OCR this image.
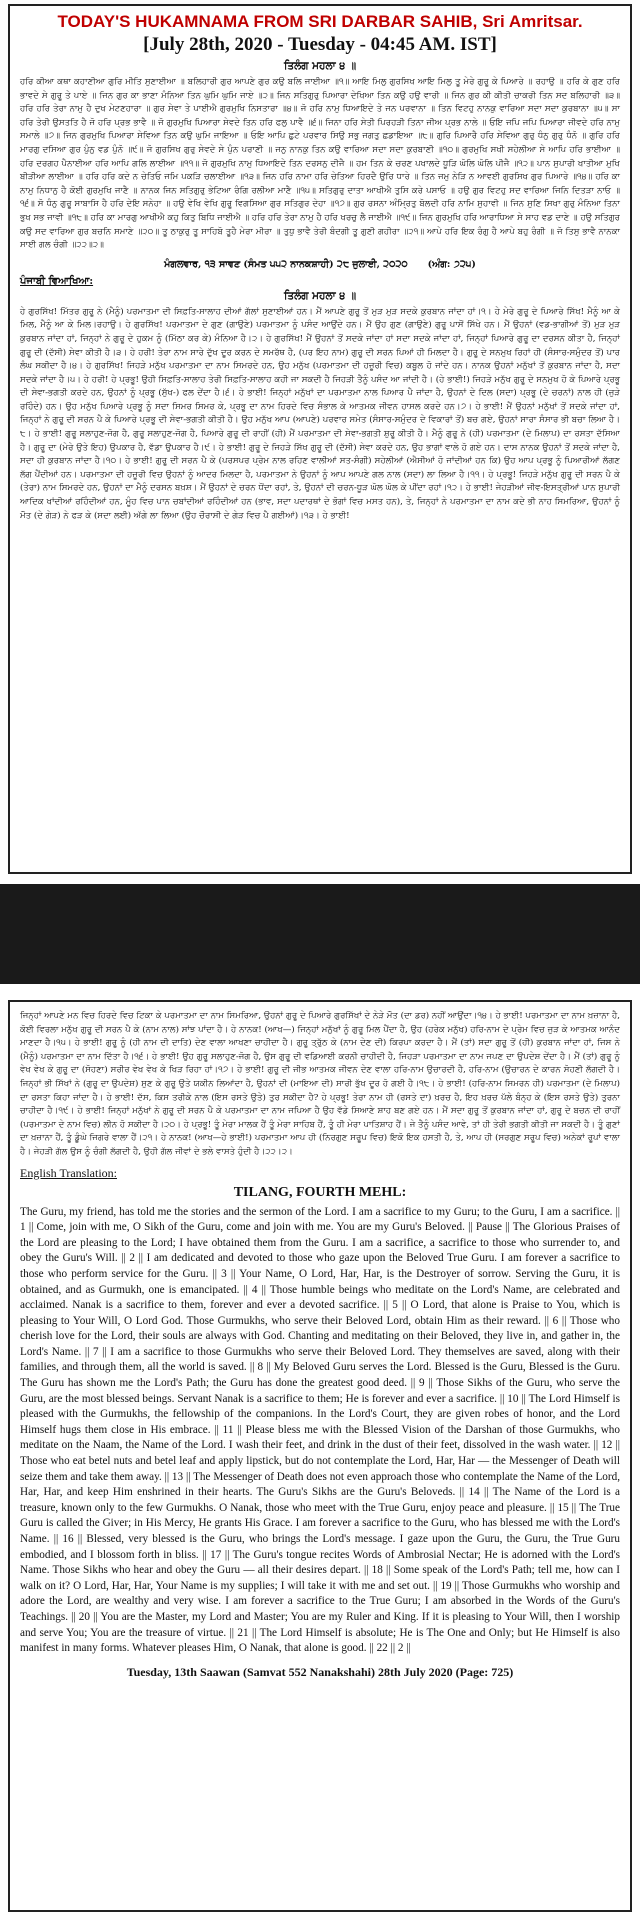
TODAY'S HUKAMNAMA FROM SRI DARBAR SAHIB, Sri Amritsar.
[July 28th, 2020 - Tuesday - 04:45 AM. IST]
ਤਿਲੰਗ ਮਹਲਾ ੪ ॥

ਹਰਿ ਕੀਆ ਕਥਾ ਕਹਾਣੀਆ ਗੁਰਿ ਮੀਤਿ ਸੁਣਾਈਆ ॥ ਬਲਿਹਾਰੀ ਗੁਰ ਆਪਣੇ ਗੁਰ ਕਉ ਬਲਿ ਜਾਈਆ ॥੧॥ ਆਇ ਮਿਲੁ ਗੁਰਸਿਖ ਆਇ ਮਿਲੁ ਤੂ ਮੇਰੇ ਗੁਰੂ ਕੇ ਪਿਆਰੇ ॥ ਰਹਾਉ ॥ ਹਰਿ ਕੇ ਗੁਣ ਹਰਿ ਭਾਵਦੇ ਸੇ ਗੁਰੂ ਤੇ ਪਾਏ ॥ ਜਿਨ ਗੁਰ ਕਾ ਭਾਣਾ ਮੰਨਿਆ ਤਿਨ ਘੁਮਿ ਘੁਮਿ ਜਾਏ ॥੨॥ ਜਿਨ ਸਤਿਗੁਰੁ ਪਿਆਰਾ ਦੇਖਿਆ ਤਿਨ ਕਉ ਹਉ ਵਾਰੀ ॥ ਜਿਨ ਗੁਰ ਕੀ ਕੀਤੀ ਚਾਕਰੀ ਤਿਨ ਸਦ ਬਲਿਹਾਰੀ ॥੩॥ ਹਰਿ ਹਰਿ ਤੇਰਾ ਨਾਮੁ ਹੈ ਦੁਖ ਮੇਟਣਹਾਰਾ ॥ ਗੁਰ ਸੇਵਾ ਤੇ ਪਾਈਐ ਗੁਰਮੁਖਿ ਨਿਸਤਾਰਾ ॥੪॥ ਜੋ ਹਰਿ ਨਾਮੁ ਧਿਆਇਦੇ ਤੇ ਜਨ ਪਰਵਾਨਾ ॥ ਤਿਨ ਵਿਟਹੁ ਨਾਨਕੁ ਵਾਰਿਆ ਸਦਾ ਸਦਾ ਕੁਰਬਾਨਾ ॥੫॥ ਸਾ ਹਰਿ ਤੇਰੀ ਉਸਤਤਿ ਹੈ ਜੋ ਹਰਿ ਪ੍ਰਭ ਭਾਵੈ ॥ ਜੋ ਗੁਰਮੁਖਿ ਪਿਆਰਾ ਸੇਵਦੇ ਤਿਨ ਹਰਿ ਫਲੁ ਪਾਵੈ ॥੬॥ ਜਿਨਾ ਹਰਿ ਸੇਤੀ ਪਿਰਹੜੀ ਤਿਨਾ ਜੀਅ ਪ੍ਰਭ ਨਾਲੇ ॥ ਓਇ ਜਪਿ ਜਪਿ ਪਿਆਰਾ ਜੀਵਦੇ ਹਰਿ ਨਾਮੁ ਸਮਾਲੇ ॥੭॥ ਜਿਨ ਗੁਰਮੁਖਿ ਪਿਆਰਾ ਸੇਵਿਆ ਤਿਨ ਕਉ ਘੁਮਿ ਜਾਇਆ ॥ ਓਇ ਆਪਿ ਛੁਟੇ ਪਰਵਾਰ ਸਿਉ ਸਭੁ ਜਗਤੁ ਛਡਾਇਆ ॥੮॥ ਗੁਰਿ ਪਿਆਰੈ ਹਰਿ ਸੇਵਿਆ ਗੁਰੁ ਧੰਨੁ ਗੁਰੁ ਧੰਨੋ ॥ ਗੁਰਿ ਹਰਿ ਮਾਰਗੁ ਦਸਿਆ ਗੁਰ ਪੁੰਨੁ ਵਡ ਪੁੰਨੋ ॥੯॥ ਜੋ ਗੁਰਸਿਖ ਗੁਰੁ ਸੇਵਦੇ ਸੇ ਪੁੰਨ ਪਰਾਣੀ ॥ ਜਨੁ ਨਾਨਕੁ ਤਿਨ ਕਉ ਵਾਰਿਆ ਸਦਾ ਸਦਾ ਕੁਰਬਾਣੀ ॥੧੦॥ ਗੁਰਮੁਖਿ ਸਖੀ ਸਹੇਲੀਆ ਸੇ ਆਪਿ ਹਰਿ ਭਾਈਆ ॥ ਹਰਿ ਦਰਗਹ ਪੈਨਾਈਆ ਹਰਿ ਆਪਿ ਗਲਿ ਲਾਈਆ ॥੧੧॥ ਜੋ ਗੁਰਮੁਖਿ ਨਾਮੁ ਧਿਆਇਦੇ ਤਿਨ ਦਰਸਨੁ ਦੀਜੈ ॥ ਹਮ ਤਿਨ ਕੇ ਚਰਣ ਪਖਾਲਦੇ ਧੂੜਿ ਘੋਲਿ ਘੋਲਿ ਪੀਜੈ ॥੧੨॥ ਪਾਨ ਸੁਪਾਰੀ ਖਾਤੀਆ ਮੁਖਿ ਬੀੜੀਆ ਲਾਈਆ ॥ ਹਰਿ ਹਰਿ ਕਦੇ ਨ ਚੇਤਿਓ ਜਮਿ ਪਕੜਿ ਚਲਾਈਆ ॥੧੩॥ ਜਿਨ ਹਰਿ ਨਾਮਾ ਹਰਿ ਚੇਤਿਆ ਹਿਰਦੈ ਉਰਿ ਧਾਰੇ ॥ ਤਿਨ ਜਮੁ ਨੇੜਿ ਨ ਆਵਈ ਗੁਰਸਿਖ ਗੁਰ ਪਿਆਰੇ ॥੧੪॥ ਹਰਿ ਕਾ ਨਾਮੁ ਨਿਧਾਨੁ ਹੈ ਕੋਈ ਗੁਰਮੁਖਿ ਜਾਣੈ ॥ ਨਾਨਕ ਜਿਨ ਸਤਿਗੁਰੁ ਭੇਟਿਆ ਰੰਗਿ ਰਲੀਆ ਮਾਣੈ ॥੧੫॥ ਸਤਿਗੁਰੁ ਦਾਤਾ ਆਖੀਐ ਤੁਸਿ ਕਰੇ ਪਸਾਓ ॥ ਹਉ ਗੁਰ ਵਿਟਹੁ ਸਦ ਵਾਰਿਆ ਜਿਨਿ ਦਿਤੜਾ ਨਾਓ ॥੧੬॥ ਸੋ ਧੰਨੁ ਗੁਰੂ ਸਾਬਾਸਿ ਹੈ ਹਰਿ ਦੇਇ ਸਨੇਹਾ ॥ ਹਉ ਵੇਖਿ ਵੇਖਿ ਗੁਰੂ ਵਿਗਸਿਆ ਗੁਰ ਸਤਿਗੁਰ ਦੇਹਾ ॥੧੭॥ ਗੁਰ ਰਸਨਾ ਅੰਮ੍ਰਿਤੁ ਬੋਲਦੀ ਹਰਿ ਨਾਮਿ ਸੁਹਾਵੀ ॥ ਜਿਨ ਸੁਣਿ ਸਿਖਾ ਗੁਰੁ ਮੰਨਿਆ ਤਿਨਾ ਭੁਖ ਸਭ ਜਾਵੀ ॥੧੮॥ ਹਰਿ ਕਾ ਮਾਰਗੁ ਆਖੀਐ ਕਹੁ ਕਿਤੁ ਬਿਧਿ ਜਾਈਐ ॥ ਹਰਿ ਹਰਿ ਤੇਰਾ ਨਾਮੁ ਹੈ ਹਰਿ ਖਰਚੁ ਲੈ ਜਾਈਐ ॥੧੯॥ ਜਿਨ ਗੁਰਮੁਖਿ ਹਰਿ ਆਰਾਧਿਆ ਸੇ ਸਾਹ ਵਡ ਦਾਣੇ ॥ ਹਉ ਸਤਿਗੁਰ ਕਉ ਸਦ ਵਾਰਿਆ ਗੁਰ ਬਚਨਿ ਸਮਾਣੇ ॥੨੦॥ ਤੂ ਠਾਕੁਰੁ ਤੂ ਸਾਹਿਬੋ ਤੂਹੈ ਮੇਰਾ ਮੀਰਾ ॥ ਤੁਧੁ ਭਾਵੈ ਤੇਰੀ ਬੰਦਗੀ ਤੂ ਗੁਣੀ ਗਹੀਰਾ ॥੨੧॥ ਆਪੇ ਹਰਿ ਇਕ ਰੰਗੁ ਹੈ ਆਪੇ ਬਹੁ ਰੰਗੀ ॥ ਜੋ ਤਿਸੁ ਭਾਵੈ ਨਾਨਕਾ ਸਾਈ ਗਲ ਚੰਗੀ ॥੨੨॥੨॥

ਮੰਗਲਵਾਰ, ੧੩ ਸਾਵਣ (ਸੰਮਤ ੫੫੨ ਨਾਨਕਸ਼ਾਹੀ) ੨੮ ਜੁਲਾਈ, ੨੦੨੦ (ਅੰਗ: ੭੨੫)
ਪੰਜਾਬੀ ਵਿਆਖਿਆ:
ਤਿਲੰਗ ਮਹਲਾ ੪ ॥

ਹੇ ਗੁਰਸਿੱਖ! ਮਿੱਤਰ ਗੁਰੂ ਨੇ (ਮੈਨੂੰ) ਪਰਮਾਤਮਾ ਦੀ ਸਿਫ਼ਤਿ-ਸਾਲਾਹ ਦੀਆਂ ਗੱਲਾਂ ਸੁਣਾਈਆਂ ਹਨ। ਮੈਂ ਆਪਣੇ ਗੁਰੂ ਤੋਂ ਮੁੜ ਮੁੜ ਸਦਕੇ ਕੁਰਬਾਨ ਜਾਂਦਾ ਹਾਂ।੧। ਹੇ ਮੇਰੇ ਗੁਰੂ ਦੇ ਪਿਆਰੇ ਸਿੱਖ! ਮੈਨੂੰ ਆ ਕੇ ਮਿਲ, ਮੈਨੂੰ ਆ ਕੇ ਮਿਲ।ਰਹਾਉ। ਹੇ ਗੁਰਸਿੱਖ! ਪਰਮਾਤਮਾ ਦੇ ਗੁਣ (ਗਾਉਣੇ) ਪਰਮਾਤਮਾ ਨੂੰ ਪਸੰਦ ਆਉਂਦੇ ਹਨ। ਮੈਂ ਉਹ ਗੁਣ (ਗਾਉਣੇ) ਗੁਰੂ ਪਾਸੋਂ ਸਿੱਖੇ ਹਨ। ਮੈਂ ਉਹਨਾਂ (ਵਡ-ਭਾਗੀਆਂ ਤੋਂ) ਮੁੜ ਮੁੜ ਕੁਰਬਾਨ ਜਾਂਦਾ ਹਾਂ, ਜਿਨ੍ਹਾਂ ਨੇ ਗੁਰੂ ਦੇ ਹੁਕਮ ਨੂੰ (ਮਿੱਠਾ ਕਰ ਕੇ) ਮੰਨਿਆ ਹੈ।੨। ਹੇ ਗੁਰਸਿੱਖ! ਮੈਂ ਉਹਨਾਂ ਤੋਂ ਸਦਕੇ ਜਾਂਦਾ ਹਾਂ ਸਦਾ ਸਦਕੇ ਜਾਂਦਾ ਹਾਂ, ਜਿਨ੍ਹਾਂ ਪਿਆਰੇ ਗੁਰੂ ਦਾ ਦਰਸਨ ਕੀਤਾ ਹੈ, ਜਿਨ੍ਹਾਂ ਗੁਰੂ ਦੀ (ਦੱਸੀ) ਸੇਵਾ ਕੀਤੀ ਹੈ।੩। ਹੇ ਹਰੀ! ਤੇਰਾ ਨਾਮ ਸਾਰੇ ਦੁੱਖ ਦੂਰ ਕਰਨ ਦੇ ਸਮਰੱਥ ਹੈ, (ਪਰ ਇਹ ਨਾਮ) ਗੁਰੂ ਦੀ ਸਰਨ ਪਿਆਂ ਹੀ ਮਿਲਦਾ ਹੈ। ਗੁਰੂ ਦੇ ਸਨਮੁਖ ਰਿਹਾਂ ਹੀ (ਸੰਸਾਰ-ਸਮੁੰਦਰ ਤੋਂ) ਪਾਰ ਲੰਘ ਸਕੀਦਾ ਹੈ।੪। ਹੇ ਗੁਰਸਿੱਖ! ਜਿਹੜੇ ਮਨੁੱਖ ਪਰਮਾਤਮਾ ਦਾ ਨਾਮ ਸਿਮਰਦੇ ਹਨ, ਉਹ ਮਨੁੱਖ (ਪਰਮਾਤਮਾ ਦੀ ਹਜ਼ੂਰੀ ਵਿਚ) ਕਬੂਲ ਹੋ ਜਾਂਦੇ ਹਨ। ਨਾਨਕ ਉਹਨਾਂ ਮਨੁੱਖਾਂ ਤੋਂ ਕੁਰਬਾਨ ਜਾਂਦਾ ਹੈ, ਸਦਾ ਸਦਕੇ ਜਾਂਦਾ ਹੈ।੫। ਹੇ ਹਰੀ! ਹੇ ਪ੍ਰਭੂ! ਉਹੀ ਸਿਫ਼ਤਿ-ਸਾਲਾਹ ਤੇਰੀ ਸਿਫ਼ਤਿ-ਸਾਲਾਹ ਕਹੀ ਜਾ ਸਕਦੀ ਹੈ ਜਿਹੜੀ ਤੈਨੂੰ ਪਸੰਦ ਆ ਜਾਂਦੀ ਹੈ। (ਹੇ ਭਾਈ!) ਜਿਹੜੇ ਮਨੁੱਖ ਗੁਰੂ ਦੇ ਸਨਮੁਖ ਹੋ ਕੇ ਪਿਆਰੇ ਪ੍ਰਭੂ ਦੀ ਸੇਵਾ-ਭਗਤੀ ਕਰਦੇ ਹਨ, ਉਹਨਾਂ ਨੂੰ ਪ੍ਰਭੂ (ਸੁੱਖ-) ਫਲ ਦੇਂਦਾ ਹੈ।੬। ਹੇ ਭਾਈ! ਜਿਨ੍ਹਾਂ ਮਨੁੱਖਾਂ ਦਾ ਪਰਮਾਤਮਾ ਨਾਲ ਪਿਆਰ ਪੈ ਜਾਂਦਾ ਹੈ, ਉਹਨਾਂ ਦੇ ਦਿਲ (ਸਦਾ) ਪ੍ਰਭੂ (ਦੇ ਚਰਨਾਂ) ਨਾਲ ਹੀ (ਜੁੜੇ ਰਹਿੰਦੇ) ਹਨ। ਉਹ ਮਨੁੱਖ ਪਿਆਰੇ ਪ੍ਰਭੂ ਨੂੰ ਸਦਾ ਸਿਮਰ ਸਿਮਰ ਕੇ, ਪ੍ਰਭੂ ਦਾ ਨਾਮ ਹਿਰਦੇ ਵਿਚ ਸੰਭਾਲ ਕੇ ਆਤਮਕ ਜੀਵਨ ਹਾਸਲ ਕਰਦੇ ਹਨ।੭। ਹੇ ਭਾਈ! ਮੈਂ ਉਹਨਾਂ ਮਨੁੱਖਾਂ ਤੋਂ ਸਦਕੇ ਜਾਂਦਾ ਹਾਂ, ਜਿਨ੍ਹਾਂ ਨੇ ਗੁਰੂ ਦੀ ਸਰਨ ਪੈ ਕੇ ਪਿਆਰੇ ਪ੍ਰਭੂ ਦੀ ਸੇਵਾ-ਭਗਤੀ ਕੀਤੀ ਹੈ। ਉਹ ਮਨੁੱਖ ਆਪ (ਆਪਣੇ) ਪਰਵਾਰ ਸਮੇਤ (ਸੰਸਾਰ-ਸਮੁੰਦਰ ਦੇ ਵਿਕਾਰਾਂ ਤੋਂ) ਬਚ ਗਏ, ਉਹਨਾਂ ਸਾਰਾ ਸੰਸਾਰ ਭੀ ਬਚਾ ਲਿਆ ਹੈ।੮। ਹੇ ਭਾਈ! ਗੁਰੂ ਸਲਾਹੁਣ-ਜੋਗ ਹੈ, ਗੁਰੂ ਸਲਾਹੁਣ-ਜੋਗ ਹੈ, ਪਿਆਰੇ ਗੁਰੂ ਦੀ ਰਾਹੀਂ (ਹੀ) ਮੈਂ ਪਰਮਾਤਮਾ ਦੀ ਸੇਵਾ-ਭਗਤੀ ਸ਼ੁਰੂ ਕੀਤੀ ਹੈ। ਮੈਨੂੰ ਗੁਰੂ ਨੇ (ਹੀ) ਪਰਮਾਤਮਾ (ਦੇ ਮਿਲਾਪ) ਦਾ ਰਸਤਾ ਦੱਸਿਆ ਹੈ। ਗੁਰੂ ਦਾ (ਮੇਰੇ ਉਤੇ ਇਹ) ਉਪਕਾਰ ਹੈ, ਵੱਡਾ ਉਪਕਾਰ ਹੈ।੯। ਹੇ ਭਾਈ! ਗੁਰੂ ਦੇ ਜਿਹੜੇ ਸਿੱਖ ਗੁਰੂ ਦੀ (ਦੱਸੀ) ਸੇਵਾ ਕਰਦੇ ਹਨ, ਉਹ ਭਾਗਾਂ ਵਾਲੇ ਹੋ ਗਏ ਹਨ। ਦਾਸ ਨਾਨਕ ਉਹਨਾਂ ਤੋਂ ਸਦਕੇ ਜਾਂਦਾ ਹੈ, ਸਦਾ ਹੀ ਕੁਰਬਾਨ ਜਾਂਦਾ ਹੈ।੧੦। ਹੇ ਭਾਈ! ਗੁਰੂ ਦੀ ਸਰਨ ਪੈ ਕੇ (ਪਰਸਪਰ ਪ੍ਰੇਮ ਨਾਲ ਰਹਿਣ ਵਾਲੀਆਂ ਸਤ-ਸੰਗੀ) ਸਹੇਲੀਆਂ (ਐਸੀਆਂ ਹੋ ਜਾਂਦੀਆਂ ਹਨ ਕਿ) ਉਹ ਆਪ ਪ੍ਰਭੂ ਨੂੰ ਪਿਆਰੀਆਂ ਲੱਗਣ ਲੱਗ ਪੈਂਦੀਆਂ ਹਨ। ਪਰਮਾਤਮਾ ਦੀ ਹਜ਼ੂਰੀ ਵਿਚ ਉਹਨਾਂ ਨੂੰ ਆਦਰ ਮਿਲਦਾ ਹੈ, ਪਰਮਾਤਮਾ ਨੇ ਉਹਨਾਂ ਨੂੰ ਆਪ ਆਪਣੇ ਗਲ ਨਾਲ (ਸਦਾ) ਲਾ ਲਿਆ ਹੈ।੧੧। ਹੇ ਪ੍ਰਭੂ! ਜਿਹੜੇ ਮਨੁੱਖ ਗੁਰੂ ਦੀ ਸਰਨ ਪੈ ਕੇ (ਤੇਰਾ) ਨਾਮ ਸਿਮਰਦੇ ਹਨ, ਉਹਨਾਂ ਦਾ ਮੈਨੂੰ ਦਰਸਨ ਬਖ਼ਸ਼। ਮੈਂ ਉਹਨਾਂ ਦੇ ਚਰਨ ਧੋਂਦਾ ਰਹਾਂ, ਤੇ, ਉਹਨਾਂ ਦੀ ਚਰਨ-ਧੂੜ ਘੋਲ ਘੋਲ ਕੇ ਪੀਂਦਾ ਰਹਾਂ।੧੨। ਹੇ ਭਾਈ! ਜੇਹੜੀਆਂ ਜੀਵ-ਇਸਤ੍ਰੀਆਂ ਪਾਨ ਸੁਪਾਰੀ ਆਦਿਕ ਖਾਂਦੀਆਂ ਰਹਿੰਦੀਆਂ ਹਨ, ਮੂੰਹ ਵਿਚ ਪਾਨ ਚਬਾਂਦੀਆਂ ਰਹਿੰਦੀਆਂ ਹਨ (ਭਾਵ, ਸਦਾ ਪਦਾਰਥਾਂ ਦੇ ਭੋਗਾਂ ਵਿਚ ਮਸਤ ਹਨ), ਤੇ, ਜਿਨ੍ਹਾਂ ਨੇ ਪਰਮਾਤਮਾ ਦਾ ਨਾਮ ਕਦੇ ਭੀ ਨਾਹ ਸਿਮਰਿਆ, ਉਹਨਾਂ ਨੂੰ ਮੌਤ (ਦੇ ਗੇੜ) ਨੇ ਫੜ ਕੇ (ਸਦਾ ਲਈ) ਅੱਗੇ ਲਾ ਲਿਆ (ਉਹ ਚੌਰਾਸੀ ਦੇ ਗੇੜ ਵਿਚ ਪੈ ਗਈਆਂ)।੧੩। ਹੇ ਭਾਈ!

ਜਿਨ੍ਹਾਂ ਆਪਣੇ ਮਨ ਵਿਚ ਹਿਰਦੇ ਵਿਚ ਟਿਕਾ ਕੇ ਪਰਮਾਤਮਾ ਦਾ ਨਾਮ ਸਿਮਰਿਆ, ਉਹਨਾਂ ਗੁਰੂ ਦੇ ਪਿਆਰੇ ਗੁਰਸਿੱਖਾਂ ਦੇ ਨੇੜੇ ਮੌਤ (ਦਾ ਡਰ) ਨਹੀਂ ਆਉਂਦਾ।੧੪। ਹੇ ਭਾਈ! ਪਰਮਾਤਮਾ ਦਾ ਨਾਮ ਖ਼ਜ਼ਾਨਾ ਹੈ, ਕੋਈ ਵਿਰਲਾ ਮਨੁੱਖ ਗੁਰੂ ਦੀ ਸਰਨ ਪੈ ਕੇ (ਨਾਮ ਨਾਲ) ਸਾਂਝ ਪਾਂਦਾ ਹੈ। ਹੇ ਨਾਨਕ! (ਆਖ—) ਜਿਨ੍ਹਾਂ ਮਨੁੱਖਾਂ ਨੂੰ ਗੁਰੂ ਮਿਲ ਪੈਂਦਾ ਹੈ, ਉਹ (ਹਰੇਕ ਮਨੁੱਖ) ਹਰਿ-ਨਾਮ ਦੇ ਪ੍ਰੇਮ ਵਿਚ ਜੁੜ ਕੇ ਆਤਮਕ ਆਨੰਦ ਮਾਣਦਾ ਹੈ।੧੫। ਹੇ ਭਾਈ! ਗੁਰੂ ਨੂੰ (ਹੀ ਨਾਮ ਦੀ ਦਾਤਿ) ਦੇਣ ਵਾਲਾ ਆਖਣਾ ਚਾਹੀਦਾ ਹੈ। ਗੁਰੂ ਤ੍ਰੁੱਠ ਕੇ (ਨਾਮ ਦੇਣ ਦੀ) ਕਿਰਪਾ ਕਰਦਾ ਹੈ। ਮੈਂ (ਤਾਂ) ਸਦਾ ਗੁਰੂ ਤੋਂ (ਹੀ) ਕੁਰਬਾਨ ਜਾਂਦਾ ਹਾਂ, ਜਿਸ ਨੇ (ਮੈਨੂੰ) ਪਰਮਾਤਮਾ ਦਾ ਨਾਮ ਦਿੱਤਾ ਹੈ।੧੬। ਹੇ ਭਾਈ! ਉਹ ਗੁਰੂ ਸਲਾਹੁਣ-ਜੋਗ ਹੈ, ਉਸ ਗੁਰੂ ਦੀ ਵਡਿਆਈ ਕਰਨੀ ਚਾਹੀਦੀ ਹੈ, ਜਿਹੜਾ ਪਰਮਾਤਮਾ ਦਾ ਨਾਮ ਜਪਣ ਦਾ ਉਪਦੇਸ਼ ਦੇਂਦਾ ਹੈ। ਮੈਂ (ਤਾਂ) ਗੁਰੂ ਨੂੰ ਵੇਖ ਵੇਖ ਕੇ ਗੁਰੂ ਦਾ (ਸੋਹਣਾ) ਸਰੀਰ ਵੇਖ ਵੇਖ ਕੇ ਖਿੜ ਰਿਹਾ ਹਾਂ।੧੭। ਹੇ ਭਾਈ! ਗੁਰੂ ਦੀ ਜੀਭ ਆਤਮਕ ਜੀਵਨ ਦੇਣ ਵਾਲਾ ਹਰਿ-ਨਾਮ ਉਚਾਰਦੀ ਹੈ, ਹਰਿ-ਨਾਮ (ਉਚਾਰਨ ਦੇ ਕਾਰਨ ਸੋਹਣੀ ਲੱਗਦੀ ਹੈ। ਜਿਨ੍ਹਾਂ ਭੀ ਸਿੱਖਾਂ ਨੇ (ਗੁਰੂ ਦਾ ਉਪਦੇਸ਼) ਸੁਣ ਕੇ ਗੁਰੂ ਉਤੇ ਯਕੀਨ ਲਿਆਂਦਾ ਹੈ, ਉਹਨਾਂ ਦੀ (ਮਾਇਆ ਦੀ) ਸਾਰੀ ਭੁੱਖ ਦੂਰ ਹੋ ਗਈ ਹੈ।੧੮। ਹੇ ਭਾਈ! (ਹਰਿ-ਨਾਮ ਸਿਮਰਨ ਹੀ) ਪਰਮਾਤਮਾ (ਦੇ ਮਿਲਾਪ) ਦਾ ਰਸਤਾ ਕਿਹਾ ਜਾਂਦਾ ਹੈ। ਹੇ ਭਾਈ! ਦੱਸ, ਕਿਸ ਤਰੀਕੇ ਨਾਲ (ਇਸ ਰਸਤੇ ਉਤੇ) ਤੁਰ ਸਕੀਦਾ ਹੈ? ਹੇ ਪ੍ਰਭੂ! ਤੇਰਾ ਨਾਮ ਹੀ (ਰਸਤੇ ਦਾ) ਖ਼ਰਚ ਹੈ, ਇਹ ਖ਼ਰਚ ਪੱਲੇ ਬੰਨ੍ਹ ਕੇ (ਇਸ ਰਸਤੇ ਉਤੇ) ਤੁਰਨਾ ਚਾਹੀਦਾ ਹੈ।੧੯। ਹੇ ਭਾਈ! ਜਿਨ੍ਹਾਂ ਮਨੁੱਖਾਂ ਨੇ ਗੁਰੂ ਦੀ ਸਰਨ ਪੈ ਕੇ ਪਰਮਾਤਮਾ ਦਾ ਨਾਮ ਜਪਿਆ ਹੈ ਉਹ ਵੱਡੇ ਸਿਆਣੇ ਸ਼ਾਹ ਬਣ ਗਏ ਹਨ। ਮੈਂ ਸਦਾ ਗੁਰੂ ਤੋਂ ਕੁਰਬਾਨ ਜਾਂਦਾ ਹਾਂ, ਗੁਰੂ ਦੇ ਬਚਨ ਦੀ ਰਾਹੀਂ (ਪਰਮਾਤਮਾ ਦੇ ਨਾਮ ਵਿਚ) ਲੀਨ ਹੋ ਸਕੀਦਾ ਹੈ।੨੦। ਹੇ ਪ੍ਰਭੂ! ਤੂੰ ਮੇਰਾ ਮਾਲਕ ਹੈਂ ਤੂੰ ਮੇਰਾ ਸਾਹਿਬ ਹੈਂ, ਤੂੰ ਹੀ ਮੇਰਾ ਪਾਤਿਸ਼ਾਹ ਹੈਂ। ਜੇ ਤੈਨੂੰ ਪਸੰਦ ਆਵੇ, ਤਾਂ ਹੀ ਤੇਰੀ ਭਗਤੀ ਕੀਤੀ ਜਾ ਸਕਦੀ ਹੈ। ਤੂੰ ਗੁਣਾਂ ਦਾ ਖ਼ਜ਼ਾਨਾ ਹੈਂ, ਤੂੰ ਡੂੰਘੇ ਜਿਗਰੇ ਵਾਲਾ ਹੈਂ।੨੧। ਹੇ ਨਾਨਕ! (ਆਖ—ਹੇ ਭਾਈ!) ਪਰਮਾਤਮਾ ਆਪ ਹੀ (ਨਿਰਗੁਣ ਸਰੂਪ ਵਿਚ) ਇਕੋ ਇਕ ਹਸਤੀ ਹੈ, ਤੇ, ਆਪ ਹੀ (ਸਰਗੁਣ ਸਰੂਪ ਵਿਚ) ਅਨੇਕਾਂ ਰੂਪਾਂ ਵਾਲਾ ਹੈ। ਜੇਹੜੀ ਗੱਲ ਉਸ ਨੂੰ ਚੰਗੀ ਲੱਗਦੀ ਹੈ, ਉਹੀ ਗੱਲ ਜੀਵਾਂ ਦੇ ਭਲੇ ਵਾਸਤੇ ਹੁੰਦੀ ਹੈ।੨੨।੨।

English Translation:
TILANG, FOURTH MEHL:

The Guru, my friend, has told me the stories and the sermon of the Lord. I am a sacrifice to my Guru; to the Guru, I am a sacrifice. || 1 || Come, join with me, O Sikh of the Guru, come and join with me. You are my Guru's Beloved. || Pause || The Glorious Praises of the Lord are pleasing to the Lord; I have obtained them from the Guru. I am a sacrifice, a sacrifice to those who surrender to, and obey the Guru's Will. || 2 || I am dedicated and devoted to those who gaze upon the Beloved True Guru. I am forever a sacrifice to those who perform service for the Guru. || 3 || Your Name, O Lord, Har, Har, is the Destroyer of sorrow. Serving the Guru, it is obtained, and as Gurmukh, one is emancipated. || 4 || Those humble beings who meditate on the Lord's Name, are celebrated and acclaimed. Nanak is a sacrifice to them, forever and ever a devoted sacrifice. || 5 || O Lord, that alone is Praise to You, which is pleasing to Your Will, O Lord God. Those Gurmukhs, who serve their Beloved Lord, obtain Him as their reward. || 6 || Those who cherish love for the Lord, their souls are always with God. Chanting and meditating on their Beloved, they live in, and gather in, the Lord's Name. || 7 || I am a sacrifice to those Gurmukhs who serve their Beloved Lord. They themselves are saved, along with their families, and through them, all the world is saved. || 8 || My Beloved Guru serves the Lord. Blessed is the Guru, Blessed is the Guru. The Guru has shown me the Lord's Path; the Guru has done the greatest good deed. || 9 || Those Sikhs of the Guru, who serve the Guru, are the most blessed beings. Servant Nanak is a sacrifice to them; He is forever and ever a sacrifice. || 10 || The Lord Himself is pleased with the Gurmukhs, the fellowship of the companions. In the Lord's Court, they are given robes of honor, and the Lord Himself hugs them close in His embrace. || 11 || Please bless me with the Blessed Vision of the Darshan of those Gurmukhs, who meditate on the Naam, the Name of the Lord. I wash their feet, and drink in the dust of their feet, dissolved in the wash water. || 12 || Those who eat betel nuts and betel leaf and apply lipstick, but do not contemplate the Lord, Har, Har — the Messenger of Death will seize them and take them away. || 13 || The Messenger of Death does not even approach those who contemplate the Name of the Lord, Har, Har, and keep Him enshrined in their hearts. The Guru's Sikhs are the Guru's Beloveds. || 14 || The Name of the Lord is a treasure, known only to the few Gurmukhs. O Nanak, those who meet with the True Guru, enjoy peace and pleasure. || 15 || The True Guru is called the Giver; in His Mercy, He grants His Grace. I am forever a sacrifice to the Guru, who has blessed me with the Lord's Name. || 16 || Blessed, very blessed is the Guru, who brings the Lord's message. I gaze upon the Guru, the Guru, the True Guru embodied, and I blossom forth in bliss. || 17 || The Guru's tongue recites Words of Ambrosial Nectar; He is adorned with the Lord's Name. Those Sikhs who hear and obey the Guru — all their desires depart. || 18 || Some speak of the Lord's Path; tell me, how can I walk on it? O Lord, Har, Har, Your Name is my supplies; I will take it with me and set out. || 19 || Those Gurmukhs who worship and adore the Lord, are wealthy and very wise. I am forever a sacrifice to the True Guru; I am absorbed in the Words of the Guru's Teachings. || 20 || You are the Master, my Lord and Master; You are my Ruler and King. If it is pleasing to Your Will, then I worship and serve You; You are the treasure of virtue. || 21 || The Lord Himself is absolute; He is The One and Only; but He Himself is also manifest in many forms. Whatever pleases Him, O Nanak, that alone is good. || 22 || 2 ||

Tuesday, 13th Saawan (Samvat 552 Nanakshahi) 28th July 2020 (Page: 725)
